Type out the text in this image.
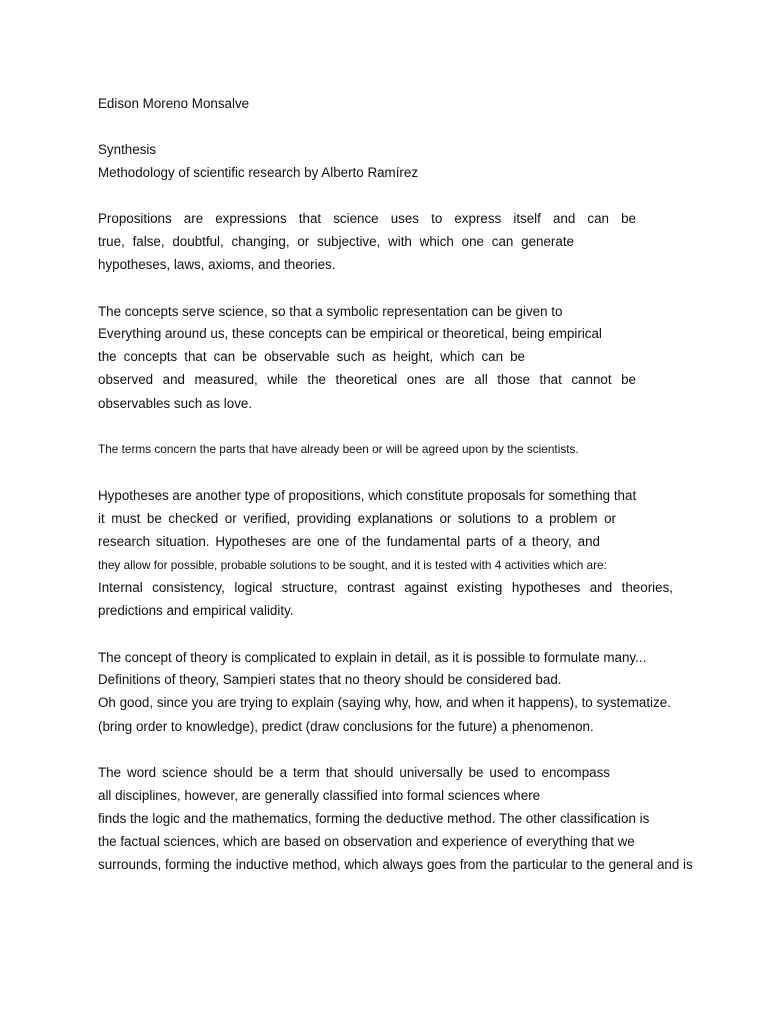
Edison Moreno Monsalve
Synthesis
Methodology of scientific research by Alberto Ramírez
Propositions are expressions that science uses to express itself and can be
true, false, doubtful, changing, or subjective, with which one can generate
hypotheses, laws, axioms, and theories.
The concepts serve science, so that a symbolic representation can be given to
Everything around us, these concepts can be empirical or theoretical, being empirical
the concepts that can be observable such as height, which can be
observed and measured, while the theoretical ones are all those that cannot be
observables such as love.
The terms concern the parts that have already been or will be agreed upon by the scientists.
Hypotheses are another type of propositions, which constitute proposals for something that
it must be checked or verified, providing explanations or solutions to a problem or
research situation. Hypotheses are one of the fundamental parts of a theory, and
they allow for possible, probable solutions to be sought, and it is tested with 4 activities which are:
Internal consistency, logical structure, contrast against existing hypotheses and theories,
predictions and empirical validity.
The concept of theory is complicated to explain in detail, as it is possible to formulate many...
Definitions of theory, Sampieri states that no theory should be considered bad.
Oh good, since you are trying to explain (saying why, how, and when it happens), to systematize.
(bring order to knowledge), predict (draw conclusions for the future) a phenomenon.
The word science should be a term that should universally be used to encompass
all disciplines, however, are generally classified into formal sciences where
finds the logic and the mathematics, forming the deductive method. The other classification is
the factual sciences, which are based on observation and experience of everything that we
surrounds, forming the inductive method, which always goes from the particular to the general and is
